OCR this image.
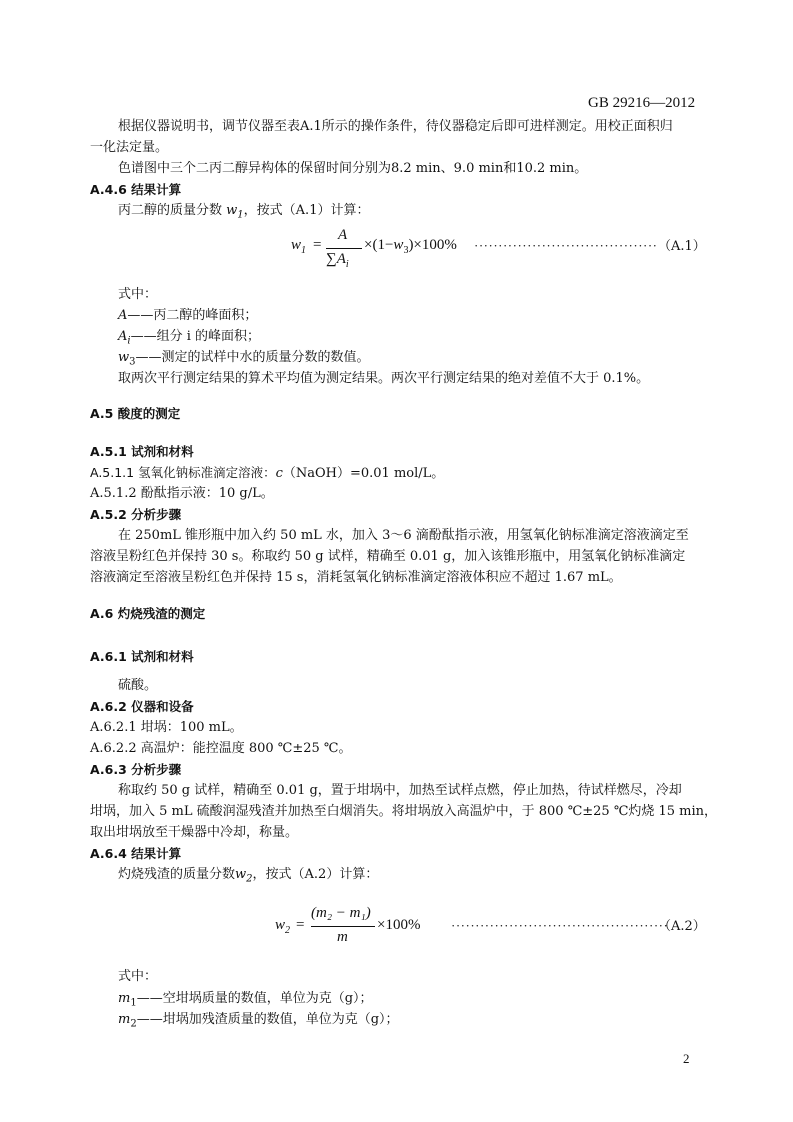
GB 29216—2012
根据仪器说明书，调节仪器至表A.1所示的操作条件，待仪器稳定后即可进样测定。用校正面积归
一化法定量。
色谱图中三个二丙二醇异构体的保留时间分别为8.2 min、9.0 min和10.2 min。
A.4.6 结果计算
丙二醇的质量分数 $w_1$，按式（A.1）计算：
$w_1$ =
A
$\sum A_i$
$\times(1-w_3)\times 100\%$ ······································ （A.1）
式中：
A——丙二醇的峰面积；
$A_i——$组分 i 的峰面积；
$w_3——$测定的试样中水的质量分数的数值。
取两次平行测定结果的算术平均值为测定结果。两次平行测定结果的绝对差值不大于 0.1%。
A.5 酸度的测定
A.5.1 试剂和材料
A.5.1.1 氢氧化钠标准滴定溶液：c（NaOH）=0.01 mol/L。
A.5.1.2 酚酞指示液：10 g/L。
A.5.2 分析步骤
在 250mL 锥形瓶中加入约 50 mL 水，加入 3～6 滴酚酞指示液，用氢氧化钠标准滴定溶液滴定至
溶液呈粉红色并保持 30 s。称取约 50 g 试样，精确至 0.01 g，加入该锥形瓶中，用氢氧化钠标准滴定
溶液滴定至溶液呈粉红色并保持 15 s，消耗氢氧化钠标准滴定溶液体积应不超过 1.67 mL。
A.6 灼烧残渣的测定
A.6.1 试剂和材料
硫酸。
A.6.2 仪器和设备
A.6.2.1 坩埚：100 mL。
A.6.2.2 高温炉：能控温度 800 ℃±25 ℃。
A.6.3 分析步骤
称取约 50 g 试样，精确至 0.01 g，置于坩埚中，加热至试样点燃，停止加热，待试样燃尽，冷却
坩埚，加入 5 mL 硫酸润湿残渣并加热至白烟消失。将坩埚放入高温炉中，于 800 ℃±25 ℃灼烧 15 min，
取出坩埚放至干燥器中冷却，称量。
A.6.4 结果计算
灼烧残渣的质量分数$w_2$，按式（A.2）计算：
$w_2$ =
(m₂ − m₁)
m
×100% ·············································
（A.2）
式中：
$m_1——$空坩埚质量的数值，单位为克（g）；
$m_2——$坩埚加残渣质量的数值，单位为克（g）；
2
